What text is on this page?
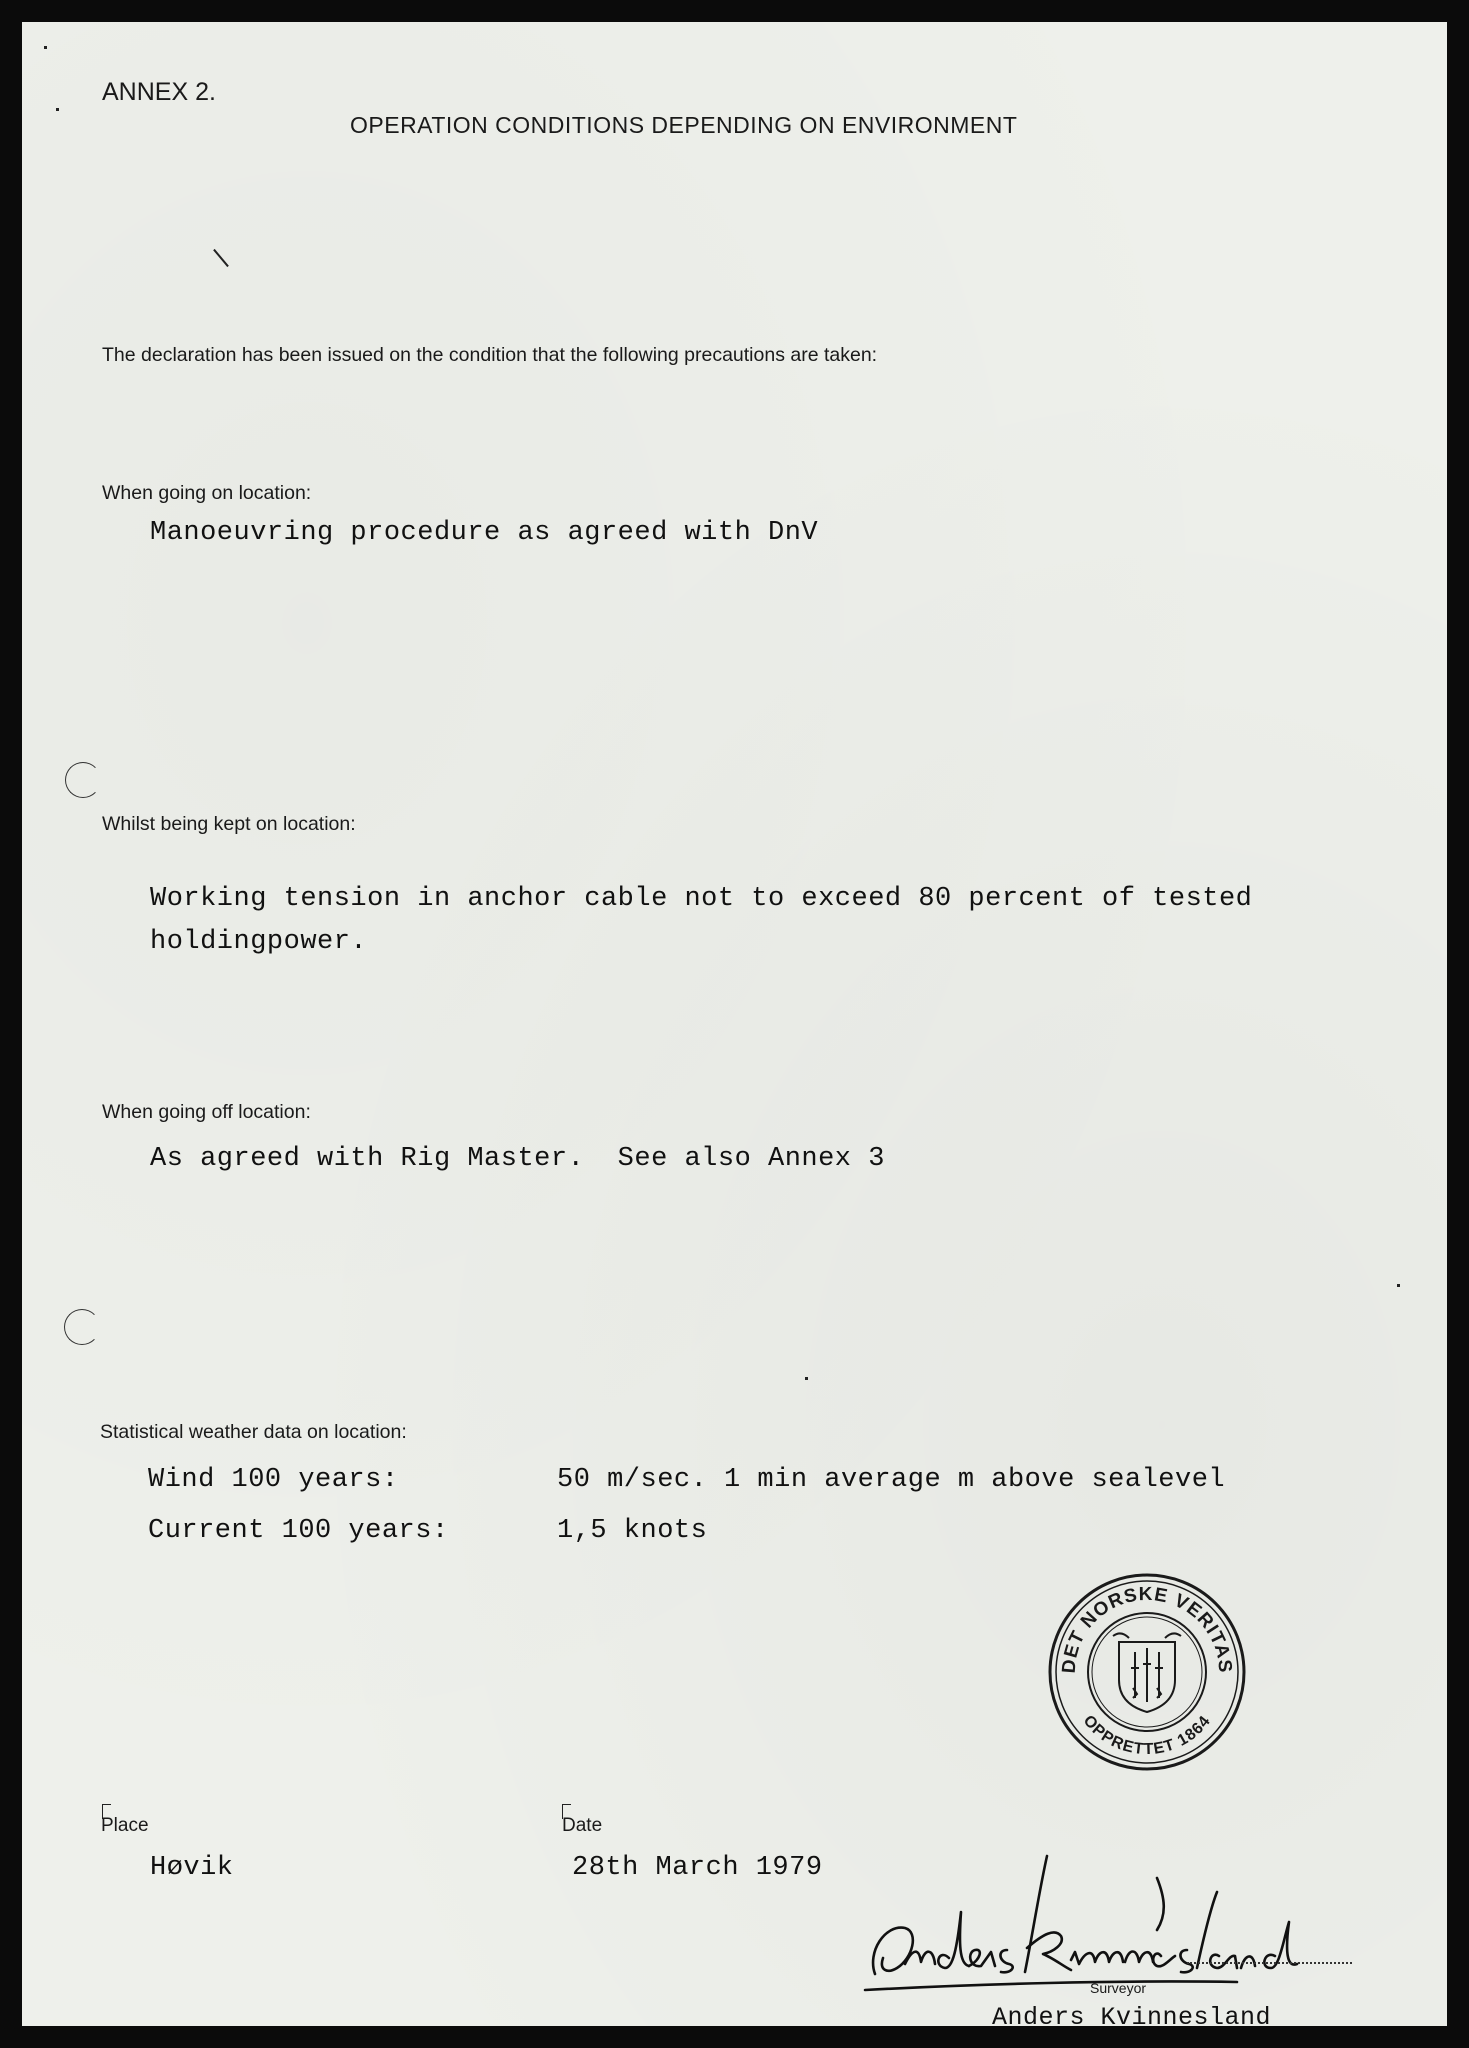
ANNEX 2.
OPERATION CONDITIONS DEPENDING ON ENVIRONMENT
The declaration has been issued on the condition that the following precautions are taken:
When going on location:
Manoeuvring procedure as agreed with DnV
Whilst being kept on location:
Working tension in anchor cable not to exceed 80 percent of tested
holdingpower.
When going off location:
As agreed with Rig Master.  See also Annex 3
Statistical weather data on location:
Wind 100 years:	50 m/sec. 1 min average m above sealevel
Current 100 years:	1,5 knots
Place
Høvik
Date
28th March 1979
DET NORSKE VERITAS
OPPRETTET 1864
Surveyor
Anders Kvinnesland
